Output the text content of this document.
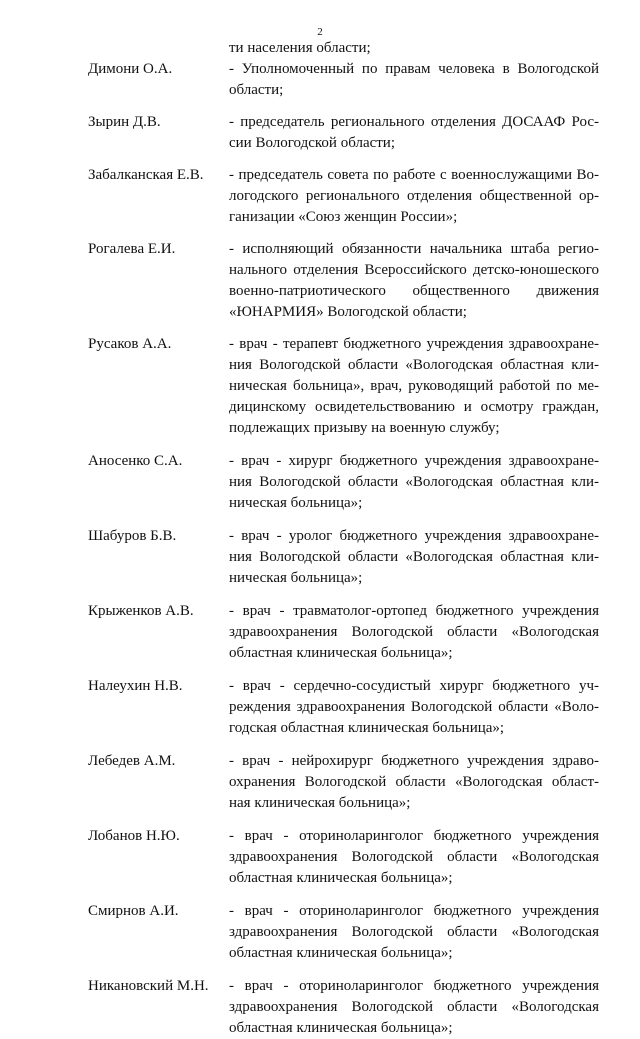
2
ти населения области;
Димони О.А.	- Уполномоченный по правам человека в Вологодской
области;
Зырин Д.В.	- председатель регионального отделения ДОСААФ Рос-
сии Вологодской области;
Забалканская Е.В. - председатель совета по работе с военнослужащими Во-
логодского регионального отделения общественной ор-
ганизации «Союз женщин России»;
Рогалева Е.И.	- исполняющий обязанности начальника штаба регио-
нального отделения Всероссийского детско-юношеского
военно-патриотического общественного движения
«ЮНАРМИЯ» Вологодской области;
Русаков А.А.	- врач - терапевт бюджетного учреждения здравоохране-
ния Вологодской области «Вологодская областная кли-
ническая больница», врач, руководящий работой по ме-
дицинскому освидетельствованию и осмотру граждан,
подлежащих призыву на военную службу;
Аносенко С.А.	- врач - хирург бюджетного учреждения здравоохране-
ния Вологодской области «Вологодская областная кли-
ническая больница»;
Шабуров Б.В.	- врач - уролог бюджетного учреждения здравоохране-
ния Вологодской области «Вологодская областная кли-
ническая больница»;
Крыженков А.В. - врач - травматолог-ортопед бюджетного учреждения
здравоохранения Вологодской области «Вологодская
областная клиническая больница»;
Налеухин Н.В.	- врач - сердечно-сосудистый хирург бюджетного уч-
реждения здравоохранения Вологодской области «Воло-
годская областная клиническая больница»;
Лебедев А.М.	- врач - нейрохирург бюджетного учреждения здраво-
охранения Вологодской области «Вологодская област-
ная клиническая больница»;
Лобанов Н.Ю.	- врач - оториноларинголог бюджетного учреждения
здравоохранения Вологодской области «Вологодская
областная клиническая больница»;
Смирнов А.И.	- врач - оториноларинголог бюджетного учреждения
здравоохранения Вологодской области «Вологодская
областная клиническая больница»;
Никановский М.Н. - врач - оториноларинголог бюджетного учреждения
здравоохранения Вологодской области «Вологодская
областная клиническая больница»;
